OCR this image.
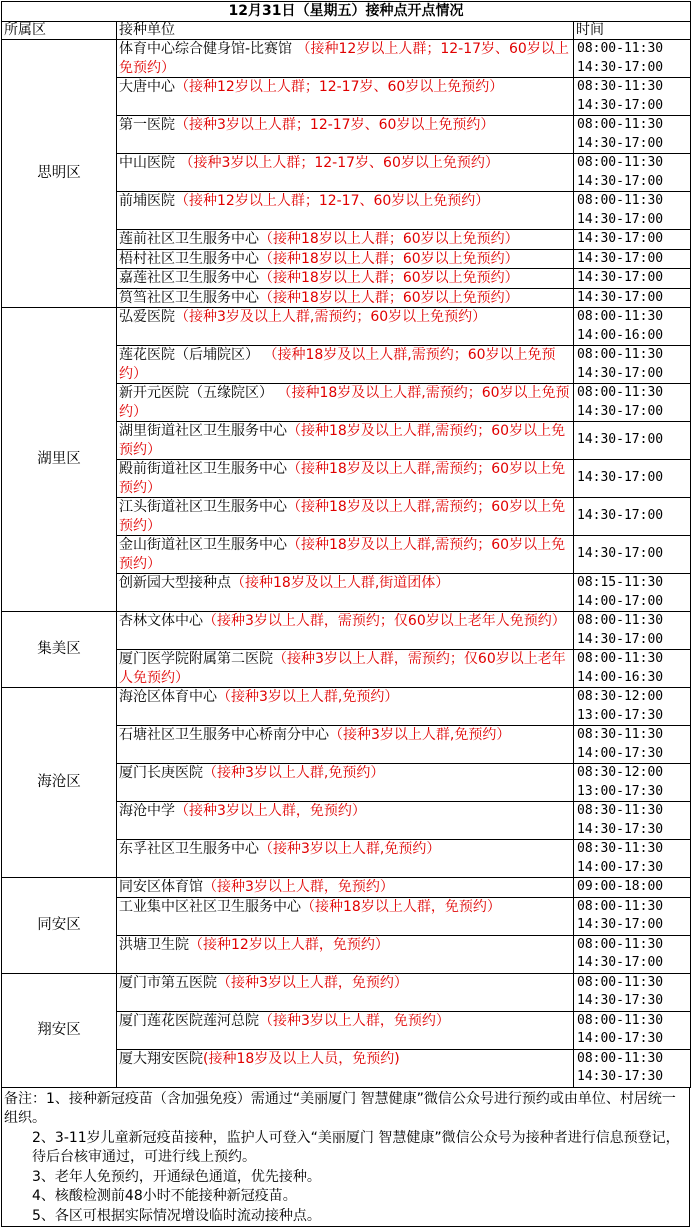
12月31日（星期五）接种点开点情况		
所属区	接种单位	时间
思明区	体育中心综合健身馆-比赛馆 （接种12岁以上人群；12-17岁、60岁以上免预约）	08:00-11:30
14:30-17:00

	大唐中心（接种12岁以上人群；12-17岁、60岁以上免预约）	08:30-11:30
14:30-17:00

	第一医院（接种3岁以上人群；12-17岁、60岁以上免预约）	08:00-11:30
14:30-17:00

	中山医院 （接种3岁以上人群；12-17岁、60岁以上免预约）	08:00-11:30
14:30-17:00

	前埔医院（接种12岁以上人群；12-17、60岁以上免预约）	08:00-11:30
14:30-17:00

	莲前社区卫生服务中心（接种18岁以上人群；60岁以上免预约）	14:30-17:00

	梧村社区卫生服务中心（接种18岁以上人群；60岁以上免预约）	14:30-17:00

	嘉莲社区卫生服务中心（接种18岁以上人群；60岁以上免预约）	14:30-17:00

	筼筜社区卫生服务中心（接种18岁以上人群；60岁以上免预约）	14:30-17:00

湖里区	弘爱医院（接种3岁及以上人群,需预约；60岁以上免预约）	08:00-11:30
14:00-16:00

	莲花医院（后埔院区） （接种18岁及以上人群,需预约；60岁以上免预约）	08:00-11:30
14:30-17:00

	新开元医院（五缘院区） （接种18岁及以上人群,需预约；60岁以上免预约）	08:00-11:30
14:30-17:00

	湖里街道社区卫生服务中心（接种18岁及以上人群,需预约；60岁以上免预约）	14:30-17:00

	殿前街道社区卫生服务中心（接种18岁及以上人群,需预约；60岁以上免预约）	14:30-17:00

	江头街道社区卫生服务中心（接种18岁及以上人群,需预约；60岁以上免预约）	14:30-17:00

	金山街道社区卫生服务中心（接种18岁及以上人群,需预约；60岁以上免预约）	14:30-17:00

	创新园大型接种点（接种18岁及以上人群,街道团体）	08:15-11:30
14:00-17:00

集美区	杏林文体中心（接种3岁以上人群，需预约；仅60岁以上老年人免预约）	08:00-11:30
14:30-17:00

	厦门医学院附属第二医院（接种3岁以上人群，需预约；仅60岁以上老年人免预约）	08:00-11:30
14:00-16:30

海沧区	海沧区体育中心（接种3岁以上人群,免预约）	08:30-12:00
13:00-17:30

	石塘社区卫生服务中心桥南分中心（接种3岁以上人群,免预约）	08:30-11:30
14:00-17:30

	厦门长庚医院（接种3岁以上人群,免预约）	08:30-12:00
13:00-17:30

	海沧中学（接种3岁以上人群，免预约）	08:30-11:30
14:30-17:30

	东孚社区卫生服务中心（接种3岁以上人群,免预约）	08:30-11:30
14:00-17:30

同安区	同安区体育馆（接种3岁以上人群，免预约）	09:00-18:00

	工业集中区社区卫生服务中心（接种18岁以上人群，免预约）	08:00-11:30
14:30-17:00

	洪塘卫生院（接种12岁以上人群，免预约）	08:00-11:30
14:30-17:00

翔安区	厦门市第五医院（接种3岁以上人群，免预约）	08:00-11:30
14:30-17:30

	厦门莲花医院莲河总院（接种3岁以上人群，免预约）	08:00-11:30
14:00-17:30

	厦大翔安医院(接种18岁及以上人员，免预约)	08:00-11:30
14:30-17:30

备注：1、接种新冠疫苗（含加强免疫）需通过“美丽厦门 智慧健康”微信公众号进行预约或由单位、村居统一组织。

2、3-11岁儿童新冠疫苗接种，监护人可登入“美丽厦门 智慧健康”微信公众号为接种者进行信息预登记，待后台核审通过，可进行线上预约。

3、老年人免预约，开通绿色通道，优先接种。

4、核酸检测前48小时不能接种新冠疫苗。

5、各区可根据实际情况增设临时流动接种点。
